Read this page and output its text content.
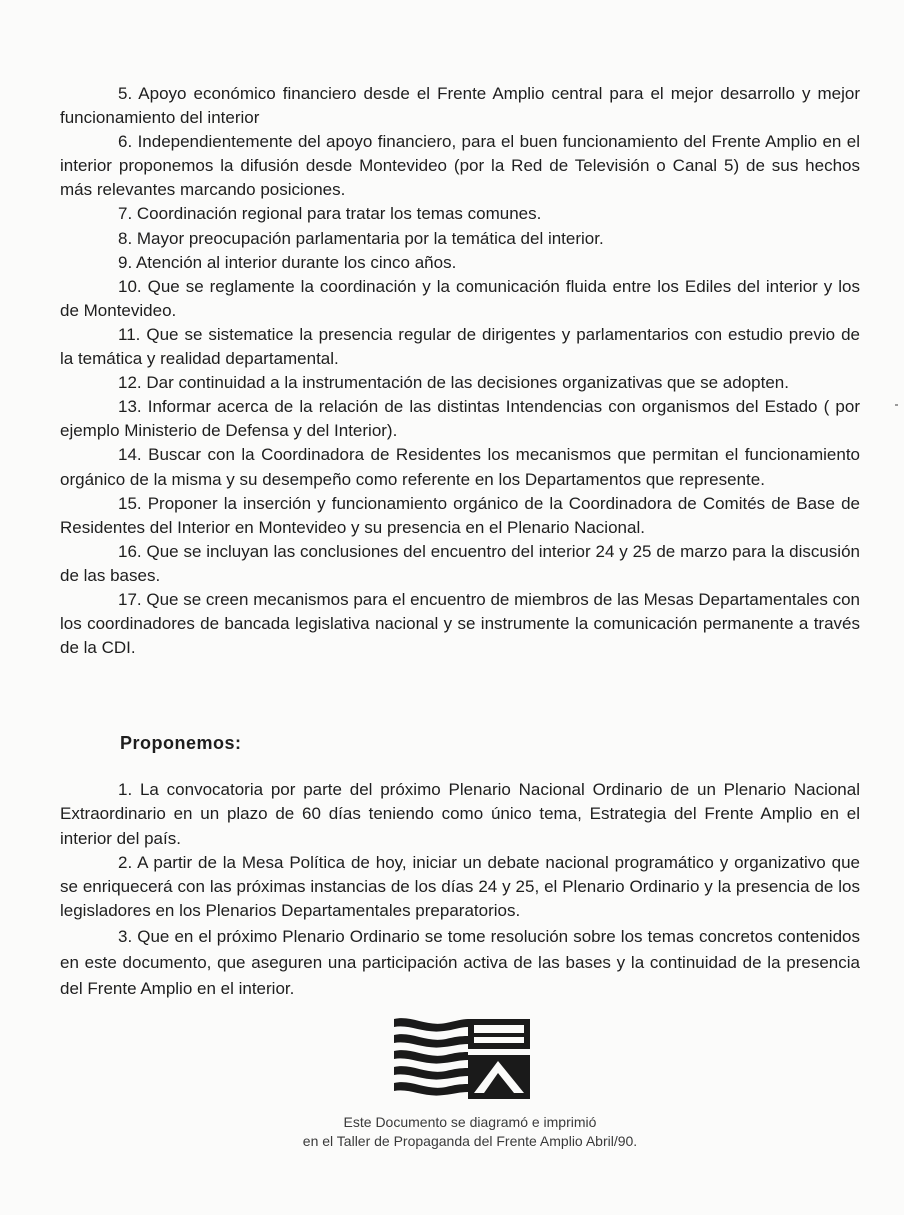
5. Apoyo económico financiero desde el Frente Amplio central para el mejor desarrollo y mejor funcionamiento del interior

6. Independientemente del apoyo financiero, para el buen funcionamiento del Frente Amplio en el interior proponemos la difusión desde Montevideo (por la Red de Televisión o Canal 5) de sus hechos más relevantes marcando posiciones.

7. Coordinación regional para tratar los temas comunes.

8. Mayor preocupación parlamentaria por la temática del interior.

9. Atención al interior durante los cinco años.

10. Que se reglamente la coordinación y la comunicación fluida entre los Ediles del interior y los de Montevideo.

11. Que se sistematice la presencia regular de dirigentes y parlamentarios con estudio previo de la temática y realidad departamental.

12. Dar continuidad a la instrumentación de las decisiones organizativas que se adopten.

13. Informar acerca de la relación de las distintas Intendencias con organismos del Estado ( por ejemplo Ministerio de Defensa y del Interior).

14. Buscar con la Coordinadora de Residentes los mecanismos que permitan el funcionamiento orgánico de la misma y su desempeño como referente en los Departamentos que represente.

15. Proponer la inserción y funcionamiento orgánico de la Coordinadora de Comités de Base de Residentes del Interior en Montevideo y su presencia en el Plenario Nacional.

16. Que se incluyan las conclusiones del encuentro del interior 24 y 25 de marzo para la discusión de las bases.

17. Que se creen mecanismos para el encuentro de miembros de las Mesas Departamentales con los coordinadores de bancada legislativa nacional y se instrumente la comunicación permanente a través de la CDI.

Proponemos:

1. La convocatoria por parte del próximo Plenario Nacional Ordinario de un Plenario Nacional Extraordinario en un plazo de 60 días teniendo como único tema, Estrategia del Frente Amplio en el interior del país.

2. A partir de la Mesa Política de hoy, iniciar un debate nacional programático y organizativo que se enriquecerá con las próximas instancias de los días 24 y 25, el Plenario Ordinario y la presencia de los legisladores en los Plenarios Departamentales preparatorios.

3. Que en el próximo Plenario Ordinario se tome resolución sobre los temas concretos contenidos en este documento, que aseguren una participación activa de las bases y la continuidad de la presencia del Frente Amplio en el interior.

Este Documento se diagramó e imprimió
en el Taller de Propaganda del Frente Amplio Abril/90.
